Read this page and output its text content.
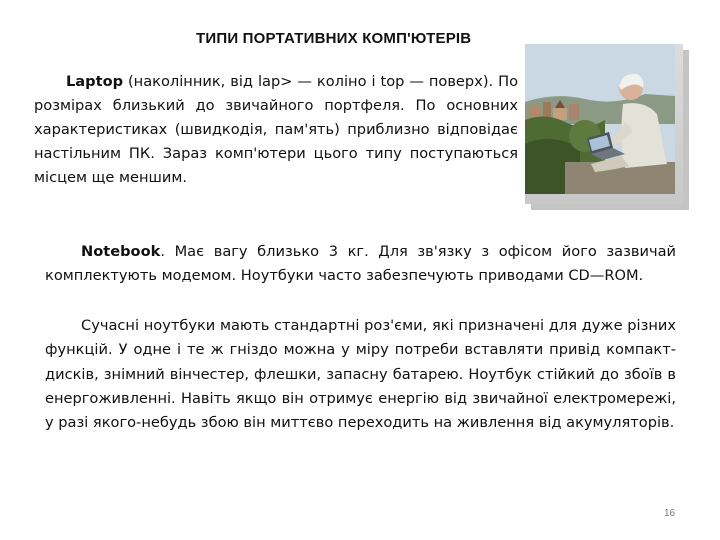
ТИПИ ПОРТАТИВНИХ КОМП'ЮТЕРІВ

Laptop (наколінник, від lap> — коліно і top — поверх). По розмірах близький до звичайного портфеля. По основних характеристиках (швидкодія, пам'ять) приблизно відповідає настільним ПК. Зараз комп'ютери цього типу поступаються місцем ще меншим.

Notebook. Має вагу близько 3 кг. Для зв'язку з офісом його зазвичай комплектують модемом. Ноутбуки часто забезпечують приводами CD—ROM.

Сучасні ноутбуки мають стандартні роз'єми, які призначені для дуже різних функцій. У одне і те ж гніздо можна у міру потреби вставляти привід компакт-дисків, знімний вінчестер, флешки, запасну батарею. Ноутбук стійкий до збоїв в енергоживленні. Навіть якщо він отримує енергію від звичайної електромережі, у разі якого-небудь збою він миттєво переходить на живлення від акумуляторів.

16
